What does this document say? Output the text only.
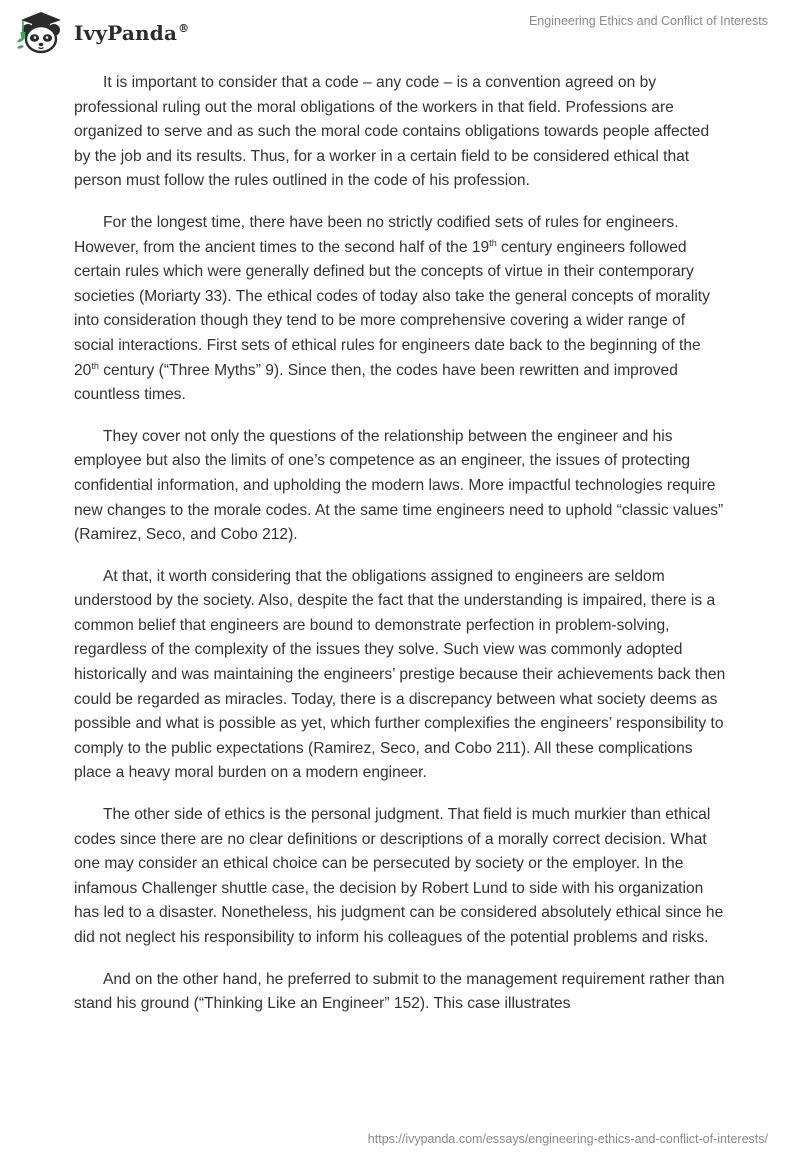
IvyPanda®
Engineering Ethics and Conflict of Interests

It is important to consider that a code – any code – is a convention agreed on by professional ruling out the moral obligations of the workers in that field. Professions are organized to serve and as such the moral code contains obligations towards people affected by the job and its results. Thus, for a worker in a certain field to be considered ethical that person must follow the rules outlined in the code of his profession.

For the longest time, there have been no strictly codified sets of rules for engineers. However, from the ancient times to the second half of the 19th century engineers followed certain rules which were generally defined but the concepts of virtue in their contemporary societies (Moriarty 33). The ethical codes of today also take the general concepts of morality into consideration though they tend to be more comprehensive covering a wider range of social interactions. First sets of ethical rules for engineers date back to the beginning of the 20th century (“Three Myths” 9). Since then, the codes have been rewritten and improved countless times.

They cover not only the questions of the relationship between the engineer and his employee but also the limits of one’s competence as an engineer, the issues of protecting confidential information, and upholding the modern laws. More impactful technologies require new changes to the morale codes. At the same time engineers need to uphold “classic values” (Ramirez, Seco, and Cobo 212).

At that, it worth considering that the obligations assigned to engineers are seldom understood by the society. Also, despite the fact that the understanding is impaired, there is a common belief that engineers are bound to demonstrate perfection in problem-solving, regardless of the complexity of the issues they solve. Such view was commonly adopted historically and was maintaining the engineers’ prestige because their achievements back then could be regarded as miracles. Today, there is a discrepancy between what society deems as possible and what is possible as yet, which further complexifies the engineers’ responsibility to comply to the public expectations (Ramirez, Seco, and Cobo 211). All these complications place a heavy moral burden on a modern engineer.

The other side of ethics is the personal judgment. That field is much murkier than ethical codes since there are no clear definitions or descriptions of a morally correct decision. What one may consider an ethical choice can be persecuted by society or the employer. In the infamous Challenger shuttle case, the decision by Robert Lund to side with his organization has led to a disaster. Nonetheless, his judgment can be considered absolutely ethical since he did not neglect his responsibility to inform his colleagues of the potential problems and risks.

And on the other hand, he preferred to submit to the management requirement rather than stand his ground (“Thinking Like an Engineer” 152). This case illustrates

https://ivypanda.com/essays/engineering-ethics-and-conflict-of-interests/
